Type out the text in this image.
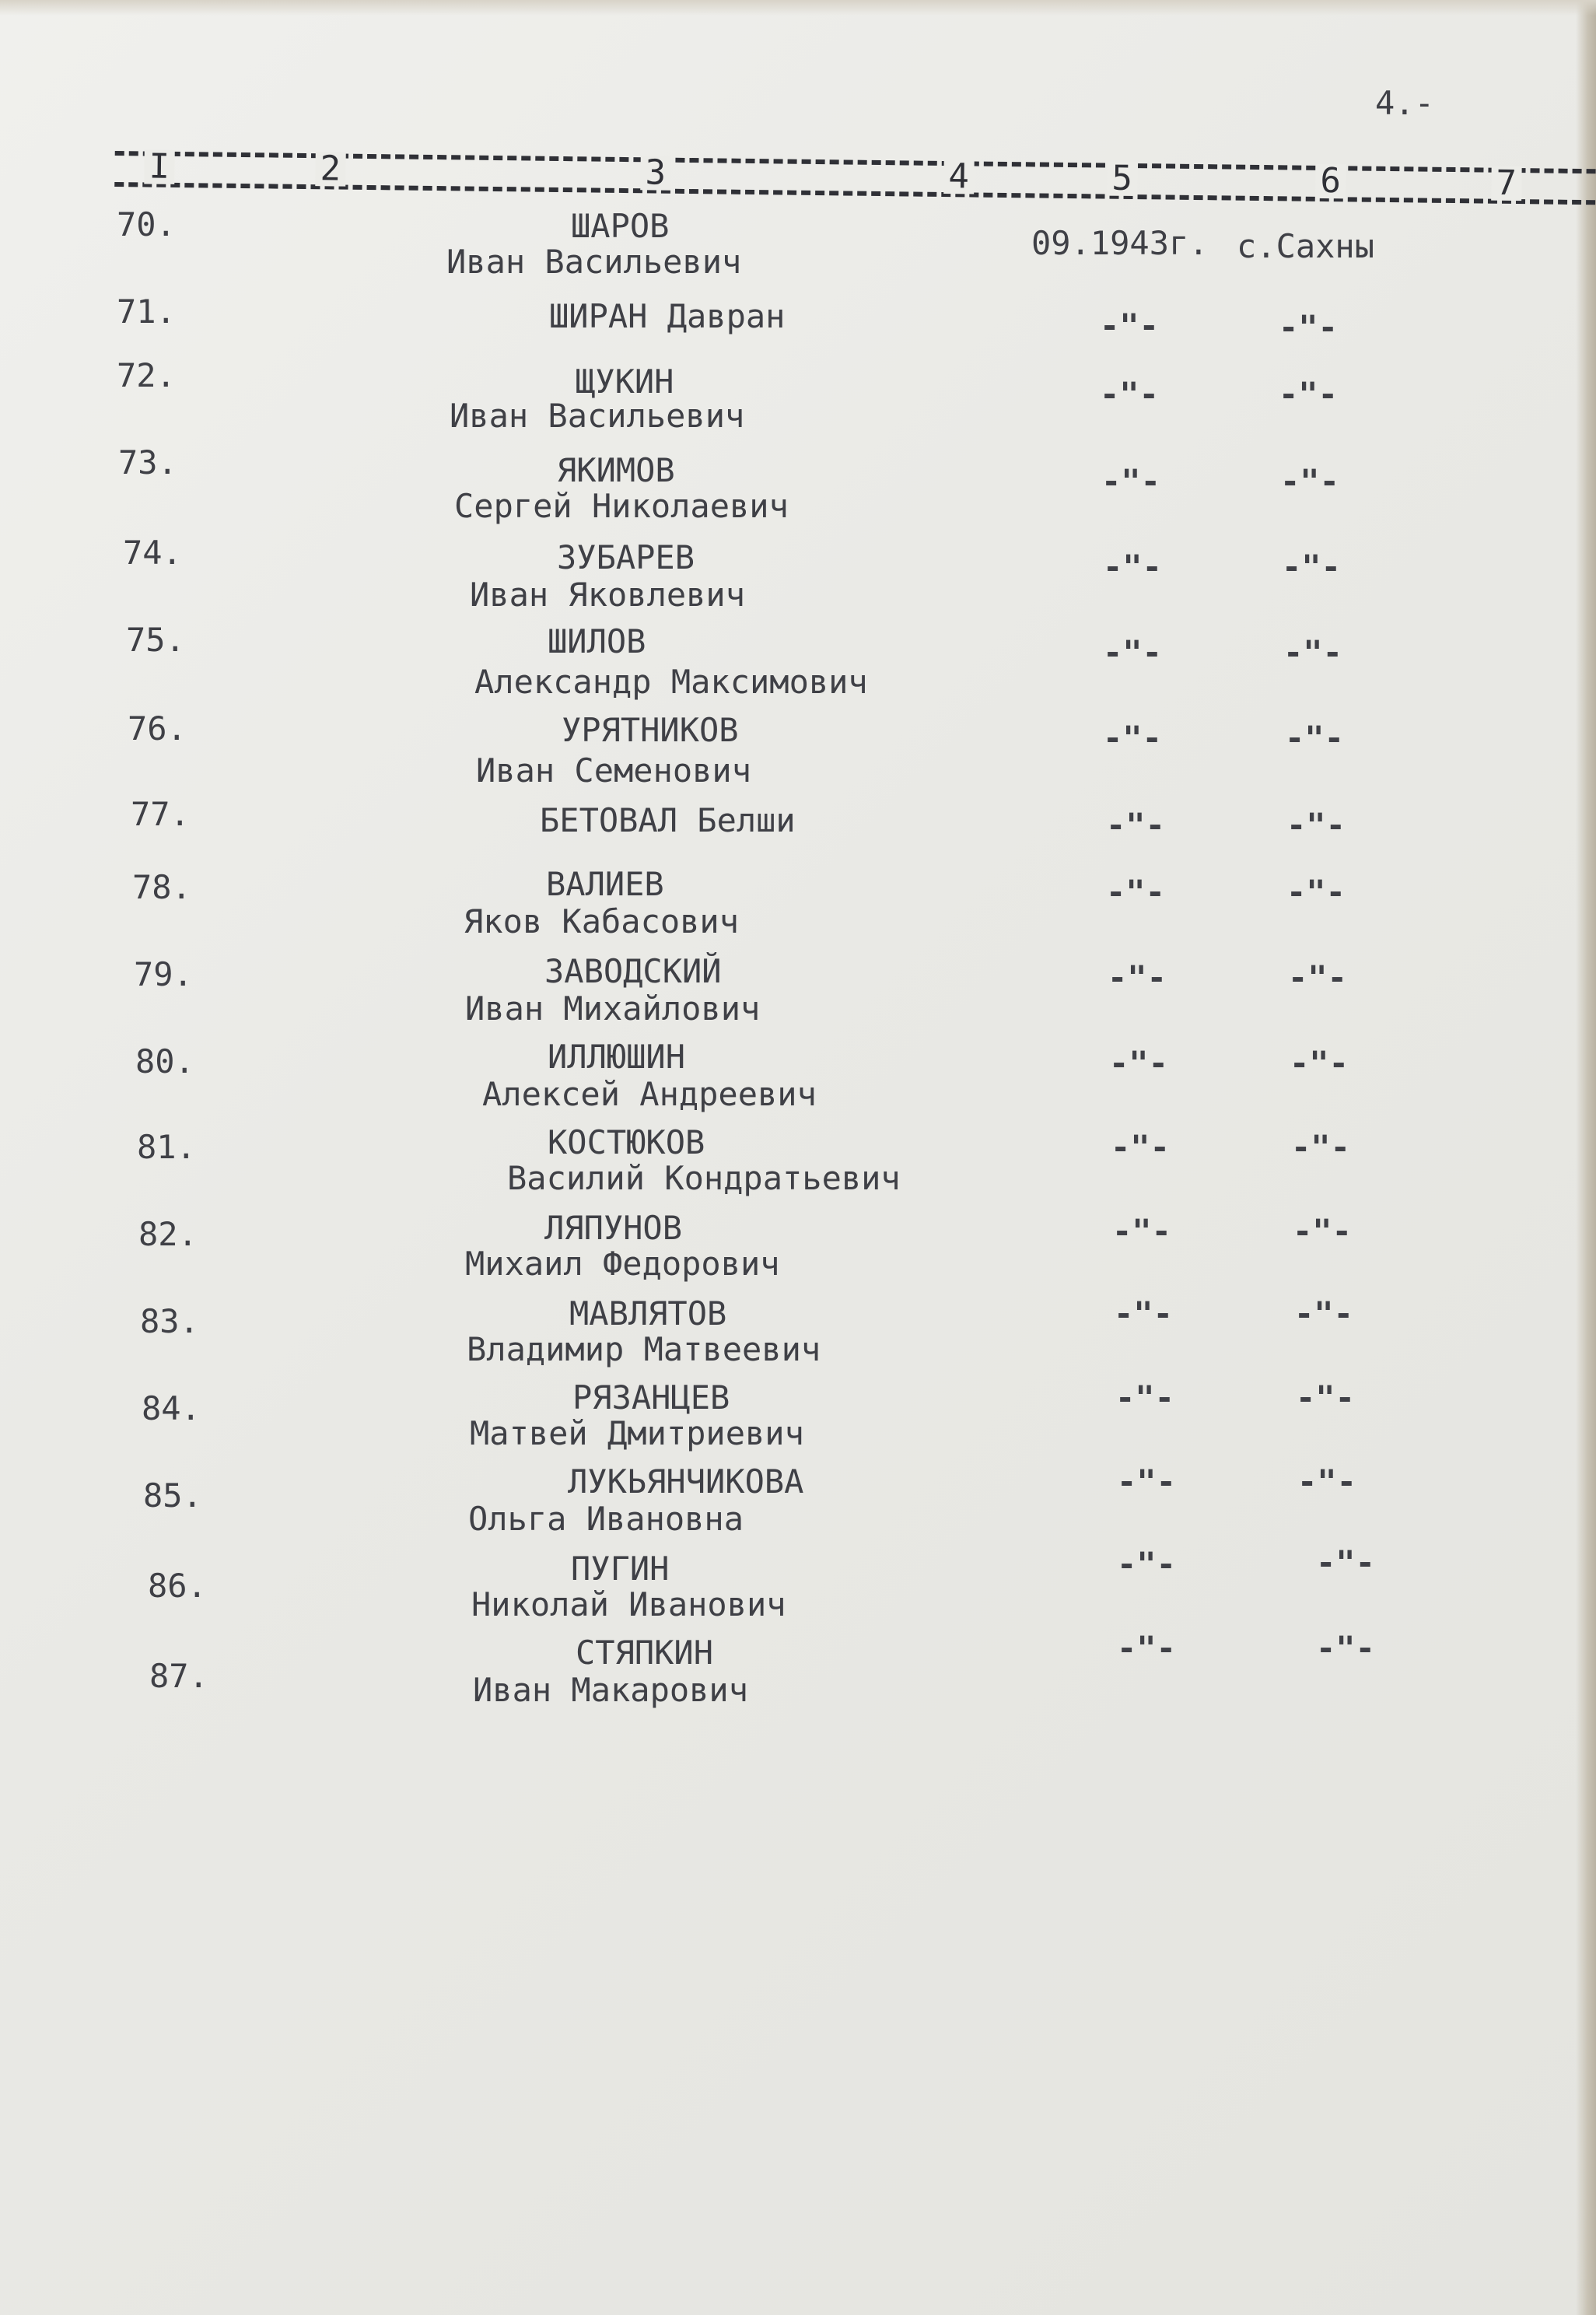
4.-
I	2	3	4	5	6	7
70.	ШАРОВ
Иван Васильевич	09.1943г. с.Сахны
71.	ШИРАН Давран	-"-	-"-
72.	ЩУКИН
Иван Васильевич
-"-	-"-
73.	ЯКИМОВ
Сергей Николаевич
-"-	-"-
74.	ЗУБАРЕВ
Иван Яковлевич
-"-	-"-
75.	ШИЛОВ
Александр Максимович
-"-	-"-
76.	УРЯТНИКОВ
Иван Семенович
-"-	-"-
77.	БЕТОВАЛ Белши	-"-	-"-
78.	ВАЛИЕВ
Яков Кабасович
-"-	-"-
79.	ЗАВОДСКИЙ
Иван Михайлович
-"-	-"-
80.	ИЛЛЮШИН
Алексей Андреевич
-"-	-"-
81.	КОСТЮКОВ
Василий Кондратьевич
-"-	-"-
82.	ЛЯПУНОВ
Михаил Федорович
-"-	-"-
83.	МАВЛЯТОВ
Владимир Матвеевич
-"-	-"-
84.	РЯЗАНЦЕВ
Матвей Дмитриевич
-"-	-"-
85.	ЛУКЬЯНЧИКОВА
Ольга Ивановна
-"-	-"-
86.	ПУГИН
Николай Иванович
-"-	-"-
87.
СТЯПКИН
Иван Макарович
-"-	-"-
